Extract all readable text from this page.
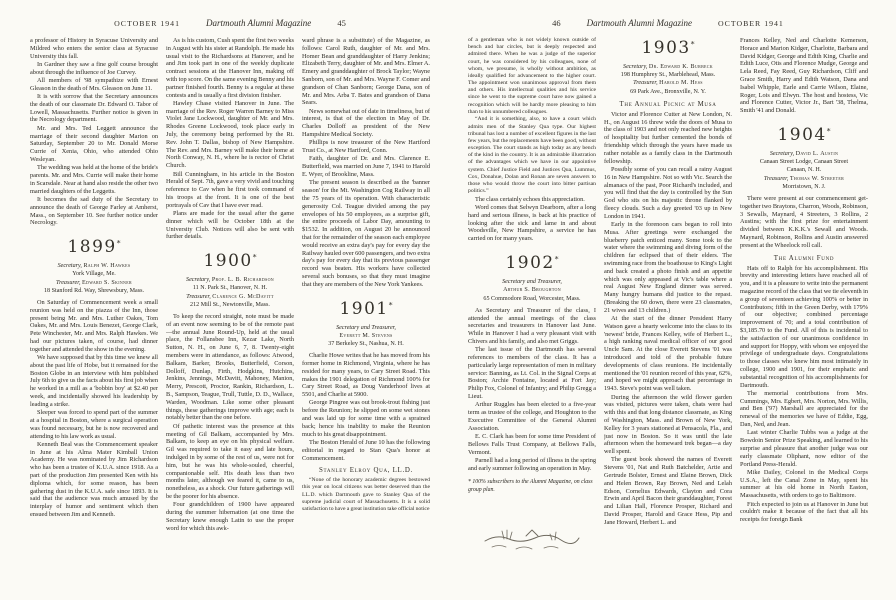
OCTOBER 1941	Dartmouth Alumni Magazine	45

a professor of History in Syracuse University and Mildred who enters the senior class at Syracuse University this fall.

In Gardner they saw a fine golf course brought about through the influence of Joe Curvey.

All members of '98 sympathize with Ernest Gleason in the death of Mrs. Gleason on June 11.

It is with sorrow that the Secretary announces the death of our classmate Dr. Edward O. Tabor of Lowell, Massachusetts. Further notice is given in the Necrology department.

Mr. and Mrs. Ted Leggett announce the marriage of their second daughter Marion on Saturday, September 20 to Mr. Donald Morse Currie of Xenia, Ohio, who attended Ohio Wesleyan.

The wedding was held at the home of the bride's parents. Mr. and Mrs. Currie will make their home in Scarsdale. Near at hand also reside the other two married daughters of the Leggetts.

It becomes the sad duty of the Secretary to announce the death of George Farley at Amherst, Mass., on September 10. See further notice under Necrology.

1899*
Secretary, Ralph W. Hawkes
York Village, Me.
Treasurer, Edward S. Skinner
18 Stanford Rd. Way, Shrewsbury, Mass.

On Saturday of Commencement week a small reunion was held on the piazza of the Inn, those present being Mr. and Mrs. Luther Oakes, Tom Oakes, Mr. and Mrs. Louis Benezet, George Clark, Pete Winchester, Mr. and Mrs. Ralph Hawkes. We had our pictures taken, of course, had dinner together and attended the show in the evening.

We have supposed that by this time we knew all about the past life of Hobe, but it remained for the Boston Globe in an interview with him published July 6th to give us the facts about his first job when he worked in a mill as a 'bobbin boy' at $2.40 per week, and incidentally showed his leadership by leading a strike.

Sleeper was forced to spend part of the summer at a hospital in Boston, where a surgical operation was found necessary, but he is now recovered and attending to his law work as usual.

Kenneth Beal was the Commencement speaker in June at his Alma Mater Kimball Union Academy. He was nominated by Jim Richardson who has been a trustee of K.U.A. since 1918. As a part of the production Jim presented Ken with his diploma which, for some reason, has been gathering dust in the K.U.A. safe since 1893. It is said that the audience was much amused by the interplay of humor and sentiment which then ensued between Jim and Kenneth.

As is his custom, Cush spent the first two weeks in August with his sister at Randolph. He made his usual visit to the Richardsons at Hanover, and he and Jim took part in one of the weekly duplicate contract sessions at the Hanover Inn, making off with top score. On the same evening Benny and his partner finished fourth. Benny is a regular at these contests and is usually a first division finisher.

Hawley Chase visited Hanover in June. The marriage of the Rev. Roger Warren Barney to Miss Violet Jane Lockwood, daughter of Mr. and Mrs. Rhodes Greene Lockwood, took place early in July, the ceremony being performed by the Rt. Rev. John T. Dallas, bishop of New Hampshire. The Rev. and Mrs. Barney will make their home at North Conway, N. H., where he is rector of Christ Church.

Bill Cunningham, in his article in the Boston Herald of Sept. 7th, gave a very vivid and touching reference to Cav when he first took command of his troops at the front. It is one of the best portrayals of Cav that I have ever read.

Plans are made for the usual after the game dinner which will be October 18th at the University Club. Notices will also be sent with further details.

1900*
Secretary, Prof. L. B. Richardson
11 N. Park St., Hanover, N. H.
Treasurer, Clarence G. McDavitt
212 Mill St., Newtonville, Mass.

To keep the record straight, note must be made of an event now seeming to be of the remote past—the annual June Round-Up, held at the usual place, the Follansbee Inn, Kezar Lake, North Sutton, N. H., on June 6, 7, 8. Twenty-eight members were in attendance, as follows: Atwood, Balkam, Barker, Brooks, Butterfield, Corson, Dolloff, Dunlap, Firth, Hodgkins, Hutchins, Jenkins, Jennings, McDavitt, Mahoney, Manion, Merry, Prescott, Proctor, Rankin, Richardson, L. B., Sampson, Teague, Trull, Tuttle, D. D., Wallace, Warden, Woodman. Like some other pleasant things, these gatherings improve with age; each is notably better than the one before.

Of pathetic interest was the presence at this meeting of Gil Balkam, accompanied by Mrs. Balkam, to keep an eye on his physical welfare. Gil was required to take it easy and late hours, indulged in by some of the rest of us, were not for him, but he was his whole-souled, cheerful, companionable self. His death less than two months later, although we feared it, came to us, nonetheless, as a shock. Our future gatherings will be the poorer for his absence.

Four grandchildren of 1900 have appeared during the summer hibernation (at one time the Secretary knew enough Latin to use the proper word for which this awk-

ward phrase is a substitute) of the Magazine, as follows: Carol Ruth, daughter of Mr. and Mrs. Homer Bean and granddaughter of Harry Jenkins; Elizabeth Terry, daughter of Mr. and Mrs. Elmer A. Emery and granddaughter of Brock Taylor; Wayne Sanborn, son of Mr. and Mrs. Wayne F. Comer and grandson of Chan Sanborn; George Dana, son of Mr. and Mrs. Arba T. Bates and grandson of Dana Sears.

News somewhat out of date in timeliness, but of interest, is that of the election in May of Dr. Charles Dolloff as president of the New Hampshire Medical Society.

Phillips is now treasurer of the New Hartford Trust Co., at New Hartford, Conn.

Faith, daughter of Dr. and Mrs. Clarence E. Butterfield, was married on June 7, 1941 to Harold E. Wyer, of Brookline, Mass.

The present season is described as the 'banner season' for the Mt. Washington Cog Railway in all the 75 years of its operation. With characteristic generosity Col. Teague divided among the pay envelopes of his 50 employees, as a surprise gift, the entire proceeds of Labor Day, amounting to $1532. In addition, on August 20 he announced that for the remainder of the season each employee would receive an extra day's pay for every day the Railway hauled over 600 passengers, and two extra day's pay for every day that its previous passenger record was beaten. His workers have collected several such bonuses, so that they must imagine that they are members of the New York Yankees.

1901*
Secretary and Treasurer,
Everett M. Stevens
37 Berkeley St., Nashua, N. H.

Charlie Howe writes that he has moved from his former home in Richmond, Virginia, where he has resided for many years, to Cary Street Road. This makes the 1901 delegation of Richmond 100% for Cary Street Road, as Doug Vanderhoof lives at 5501, and Charlie at 5900.

George Pingree was out brook-trout fishing just before the Reunion; he slipped on some wet stones and was laid up for some time with a sprained back; hence his inability to make the Reunion much to his great disappointment.

The Boston Herald of June 10 has the following editorial in regard to Stan Qua's honor at Commencement.

Stanley Elroy Qua, LL.D.

“None of the honorary academic degrees bestowed this year on local citizens was better deserved than the LL.D. which Dartmouth gave to Stanley Qua of the supreme judicial court of Massachusetts. It is a solid satisfaction to have a great institution take official notice

46	Dartmouth Alumni Magazine	OCTOBER 1941

of a gentleman who is not widely known outside of bench and bar circles, but is deeply respected and admired there. When he was a judge of the superior court, he was considered by his colleagues, none of whom, we presume, is wholly without ambition, as ideally qualified for advancement to the higher court. The appointment won unanimous approval from them and others. His intellectual qualities and his service since he went to the supreme court have now gained a recognition which will be hardly more pleasing to him than to his unnumbered colleagues.

“And it is something, also, to have a court which admits men of the Stanley Qua type. Our highest tribunal has lost a number of excellent figures in the last few years, but the replacements have been good, without exception. The court stands as high today as any bench of the kind in the country. It is an admirable illustration of the advantages which we have in our appointive system. Chief Justice Field and Justices Qua, Lummus, Cox, Donahue, Dolan and Ronan are seven answers to those who would throw the court into bitter partisan politics.”

The class certainly echoes this appreciation.

Word comes that Selwyn Dearborn, after a long hard and serious illness, is back at his practice of looking after the sick and lame in and about Woodsville, New Hampshire, a service he has carried on for many years.

1902*
Secretary and Treasurer,
Arthur S. Broughton
65 Commodore Road, Worcester, Mass.

As Secretary and Treasurer of the class, I attended the annual meetings of the class secretaries and treasurers in Hanover last June. While in Hanover I had a very pleasant visit with Chivers and his family, and also met Griggs.

The last issue of the Dartmouth has several references to members of the class. It has a particularly large representation of men in military service: Banning, as Lt. Col. in the Signal Corps at Boston; Archie Fontaine, located at Fort Jay; Philip Fox, Colonel of Infantry; and Philip Gregg a Lieut.

Arthur Ruggles has been elected to a five-year term as trustee of the college, and Houghton to the Executive Committee of the General Alumni Association.

E. C. Clark has been for some time President of Bellows Falls Trust Company, at Bellows Falls, Vermont.

Parnell had a long period of illness in the spring and early summer following an operation in May.

* 100% subscribers to the Alumni Magazine, on class group plan.
1903*
Secretary, Dr. Edward K. Burbeck
198 Humphrey St., Marblehead, Mass.
Treasurer, Harold M. Hess
69 Park Ave., Bronxville, N. Y.
The Annual Picnic at Musa

Victor and Florence Cutter at New London, N. H., on August 16 threw wide the doors of Musa to the class of 1903 and not only reached new heights of hospitality but further cemented the bonds of friendship which through the years have made us rather notable as a family class in the Dartmouth fellowship.

Possibly some of you can recall a rainy August 16 in New Hampshire. Not so with Vic. Search the almanacs of the past, Poor Richard's included, and you will find that the day is controlled by the Sun God who sits on his majestic throne flanked by fleecy clouds. Such a day greeted '03 up in New London in 1941.

Early in the forenoon cars began to roll into Musa. After greetings were exchanged the blueberry patch enticed many. Some took to the water where the swimming and diving form of the children far eclipsed that of their elders. The swimming race from the boathouse to King's Light and back created a photo finish and an appetite which was only appeased at Vic's table where a real August New England dinner was served. Many hungry humans did justice to the repast. (Breaking the 60 down, there were 23 classmates, 21 wives and 13 children.)

At the start of the dinner President Harry Watson gave a hearty welcome into the class to its 'newest' bride, Frances Kelley, wife of Herbert L., a high ranking naval medical officer of our good Uncle Sam. At the close Everett Stevens '01 was introduced and told of the probable future developments of class reunions. He incidentally mentioned the '01 reunion record of this year, 62%, and hoped we might approach that percentage in 1943. Steve's point was well taken.

During the afternoon the wild flower garden was visited, pictures were taken, chats were had with this and that long distance classmate, as King of Washington, Mass. and Brown of New York, Kelley for 3 years stationed at Pensacola, Fla., and just now in Boston. So it was until the late afternoon when the homeward trek began—a day well spent.

The guest book showed the names of Everett Stevens '01, Nat and Ruth Batchelder, Artie and Gertrude Bolster, Ernest and Elaine Brown, Dick and Helen Brown, Ray Brown, Ned and Lelah Edson, Cornelius Edwards, Clayton and Cora Erwin and April Bacon their granddaughter, Forest and Lilian Hall, Florence Prosper, Richard and David Prosper, Harold and Grace Hess, Pip and Jane Howard, Herbert L. and

Frances Kelley, Ned and Charlotte Kemerson, Horace and Marion Kidger, Charlotte, Barbara and David Kidger, George and Edith King, Charlie and Edith Luce, Otis and Florence Mudge, George and Lela Reed, Fay Reed, Guy Richardson, Cliff and Grace Smith, Harry and Edith Watson, Dana and Isabel Whipple, Earle and Carrie Wilson, Elaine, Roger, Lois and Elwyn. The host and hostess, Vic and Florence Cutter, Victor Jr., Bart '38, Thelma, Smith '41 and Donald.

1904*
Secretary, David L. Austin
Canaan Street Lodge, Canaan Street
Canaan, N. H.
Treasurer, Thomas W. Streeter
Morristown, N. J.

There were present at our commencement get-together two Braytons, Charron, Woods, Robinson, 3 Sewalls, Maynard, 4 Streeters, 3 Rollins, 2 Austins; with the first prize for entertainment divided between K.K.K.'s Sewall and Woods. Maynard, Robinson, Rollins and Austin answered present at the Wheelock roll call.

The Alumni Fund

Hats off to Ralph for his accomplishment. His brevity and interesting letters have reached all of you, and it is a pleasure to write into the permanent magazine record of the class that we tie eleventh in a group of seventeen achieving 100% or better in Contributors; fifth in the Green Derby, with 179% of our objective; combined percentage improvement of 70; and a total contribution of $3,185.70 to the Fund. All of this is incidental to the satisfaction of our unanimous confidence in and support for Hoppy, with whom we enjoyed the privilege of undergraduate days. Congratulations to those classes who knew him most intimately in college, 1900 and 1901, for their emphatic and substantial recognition of his accomplishments for Dartmouth.

The memorial contributions from Mrs. Cummings, Mrs. Egbert, Mrs. Norton, Mrs. Willis, and Ben ('97) Marshall are appreciated for the renewal of the memories we have of Eddie, Egg, Dan, Ned, and Jean.

Last winter Charlie Tubbs was a judge at the Bowdoin Senior Prize Speaking, and learned to his surprise and pleasure that another judge was our early classmate Oliphant, now editor of the Portland Press-Herald.

Mike Dailey, Colonel in the Medical Corps U.S.A., left the Canal Zone in May, spent his summer at his old home in North Easton, Massachusetts, with orders to go to Baltimore.

Fitch expected to join us at Hanover in June but couldn't make it because of the fact that all his receipts for foreign Bank
